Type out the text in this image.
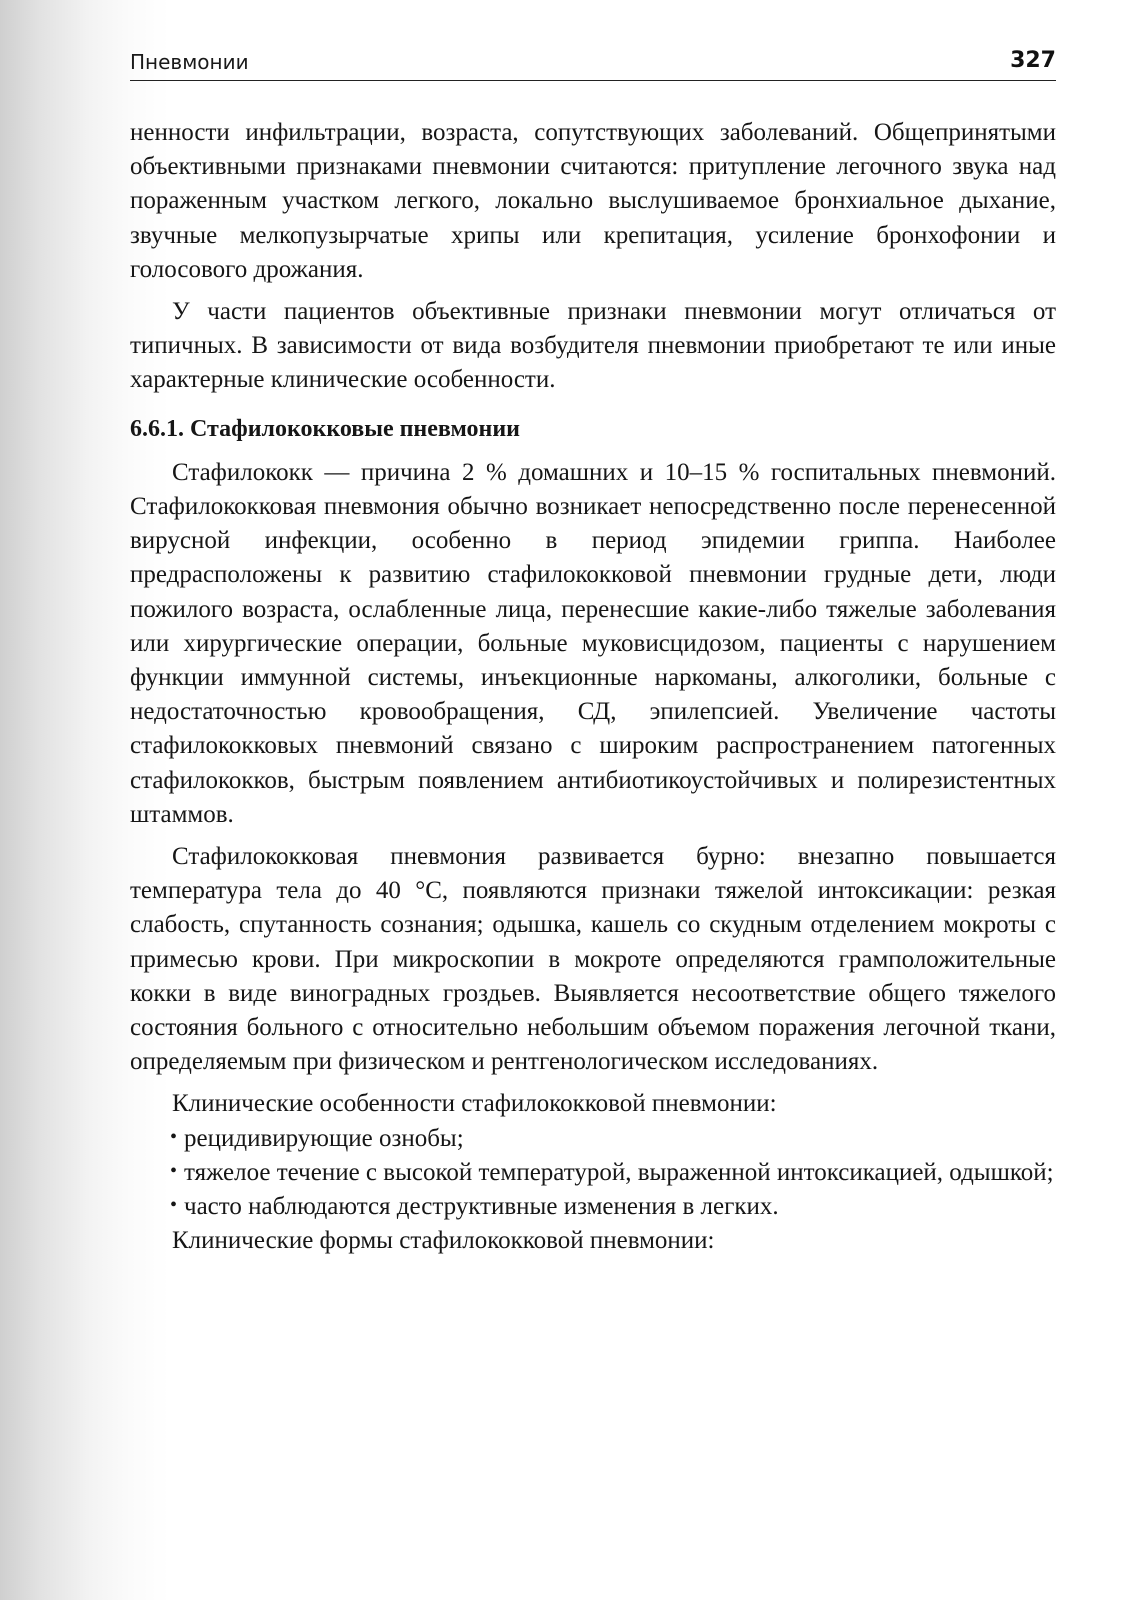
Пневмонии	327

ненности инфильтрации, возраста, сопутствующих заболеваний. Общепринятыми объективными признаками пневмонии считаются: притупление легочного звука над пораженным участком легкого, локально выслушиваемое бронхиальное дыхание, звучные мелкопузырчатые хрипы или крепитация, усиление бронхофонии и голосового дрожания.

У части пациентов объективные признаки пневмонии могут отличаться от типичных. В зависимости от вида возбудителя пневмонии приобретают те или иные характерные клинические особенности.

6.6.1. Стафилококковые пневмонии

Стафилококк — причина 2 % домашних и 10–15 % госпитальных пневмоний. Стафилококковая пневмония обычно возникает непосредственно после перенесенной вирусной инфекции, особенно в период эпидемии гриппа. Наиболее предрасположены к развитию стафилококковой пневмонии грудные дети, люди пожилого возраста, ослабленные лица, перенесшие какие-либо тяжелые заболевания или хирургические операции, больные муковисцидозом, пациенты с нарушением функции иммунной системы, инъекционные наркоманы, алкоголики, больные с недостаточностью кровообращения, СД, эпилепсией. Увеличение частоты стафилококковых пневмоний связано с широким распространением патогенных стафилококков, быстрым появлением антибиотикоустойчивых и полирезистентных штаммов.

Стафилококковая пневмония развивается бурно: внезапно повышается температура тела до 40 °С, появляются признаки тяжелой интоксикации: резкая слабость, спутанность сознания; одышка, кашель со скудным отделением мокроты с примесью крови. При микроскопии в мокроте определяются грамположительные кокки в виде виноградных гроздьев. Выявляется несоответствие общего тяжелого состояния больного с относительно небольшим объемом поражения легочной ткани, определяемым при физическом и рентгенологическом исследованиях.

Клинические особенности стафилококковой пневмонии:

• рецидивирующие ознобы;
• тяжелое течение с высокой температурой, выраженной интоксикацией, одышкой;
• часто наблюдаются деструктивные изменения в легких.

Клинические формы стафилококковой пневмонии:
